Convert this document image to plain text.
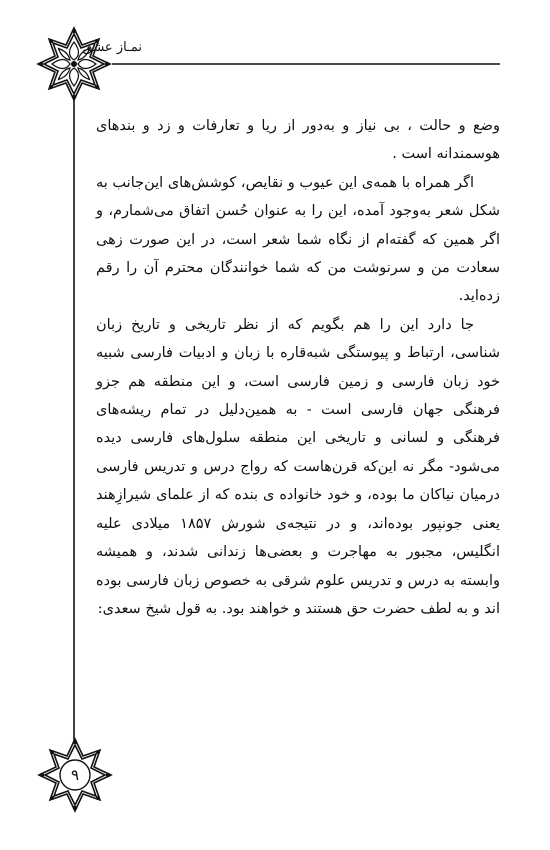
نمـاز عشق
۹

وضع و حالت ، بی نیاز و به‌دور از ریا و تعارفات و زد و بندهای هوسمندانه است .

اگر همراه با همه‌ی این عیوب و نقایص، کوشش‌های این‌جانب به شکل شعر به‌وجود آمده، این را به عنوان حُسن اتفاق می‌شمارم، و اگر همین که گفته‌ام از نگاه شما شعر است، در این صورت زهی سعادت من و سرنوشت من که شما خوانندگان محترم آن را رقم زده‌اید.

جا دارد این را هم بگویم که از نظر تاریخی و تاریخ زبان شناسی، ارتباط و پیوستگی شبه‌قاره با زبان و ادبیات فارسی شبیه خود زبان فارسی و زمین فارسی است، و این منطقه هم جزو فرهنگی جهان فارسی است - به همین‌دلیل در تمام ریشه‌های فرهنگی و لسانی و تاریخی این منطقه سلول‌های فارسی دیده می‌شود- مگر نه این‌که قرن‌هاست که رواج درس و تدریس فارسی درمیان نیاکان ما بوده، و خود خانواده ی بنده که از علمای شیرازِهند یعنی جونپور بوده‌اند، و در نتیجه‌ی شورش ۱۸۵۷ میلادی علیه انگلیس، مجبور به مهاجرت و بعضی‌ها زندانی شدند، و همیشه وابسته به درس و تدریس علوم شرقی به خصوص زبان فارسی بوده اند و به لطف حضرت حق هستند و خواهند بود. به قول شیخ سعدی:
